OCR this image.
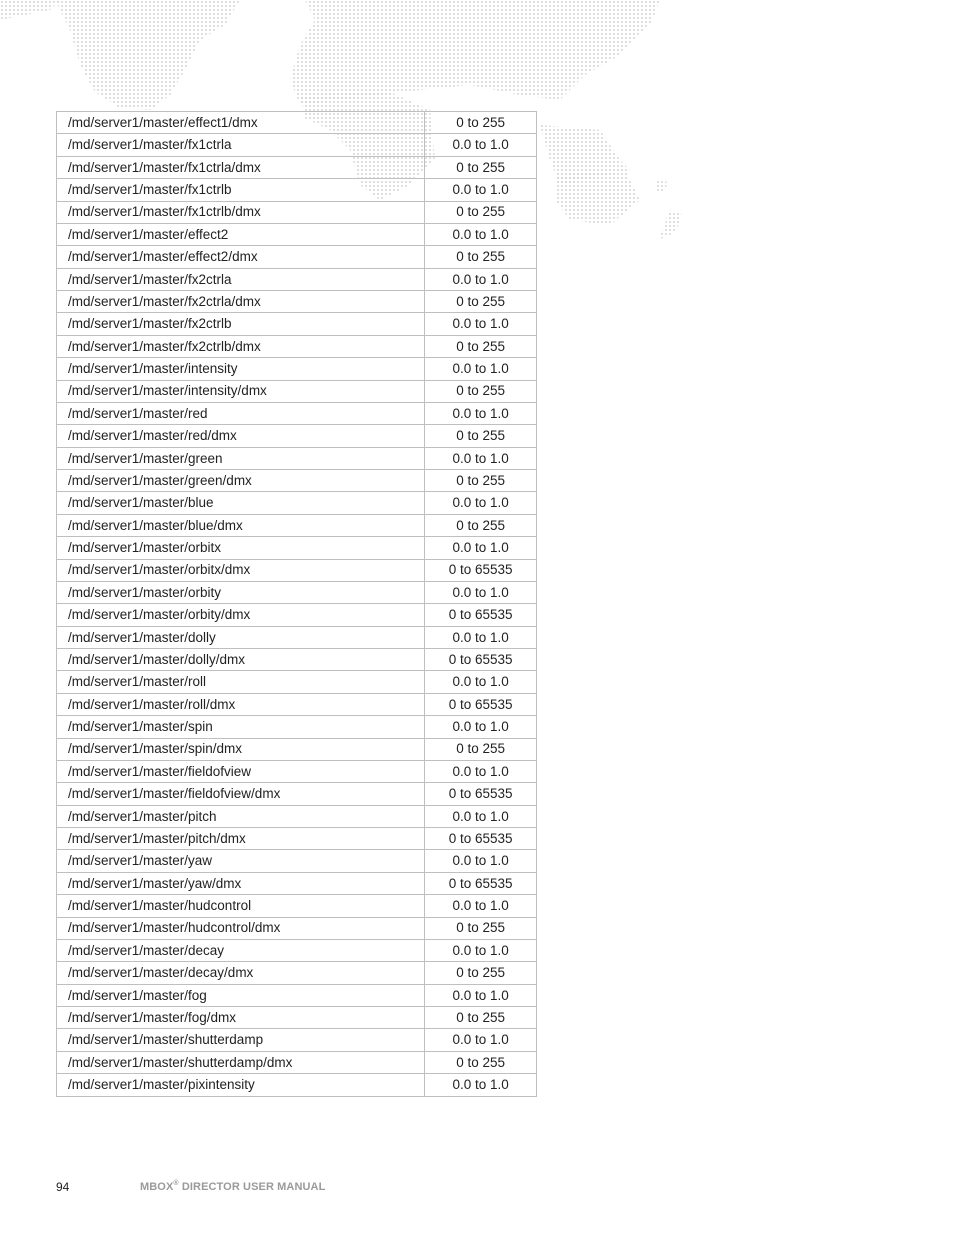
/md/server1/master/effect1/dmx	0 to 255
/md/server1/master/fx1ctrla	0.0 to 1.0
/md/server1/master/fx1ctrla/dmx	0 to 255
/md/server1/master/fx1ctrlb	0.0 to 1.0
/md/server1/master/fx1ctrlb/dmx	0 to 255
/md/server1/master/effect2	0.0 to 1.0
/md/server1/master/effect2/dmx	0 to 255
/md/server1/master/fx2ctrla	0.0 to 1.0
/md/server1/master/fx2ctrla/dmx	0 to 255
/md/server1/master/fx2ctrlb	0.0 to 1.0
/md/server1/master/fx2ctrlb/dmx	0 to 255
/md/server1/master/intensity	0.0 to 1.0
/md/server1/master/intensity/dmx	0 to 255
/md/server1/master/red	0.0 to 1.0
/md/server1/master/red/dmx	0 to 255
/md/server1/master/green	0.0 to 1.0
/md/server1/master/green/dmx	0 to 255
/md/server1/master/blue	0.0 to 1.0
/md/server1/master/blue/dmx	0 to 255
/md/server1/master/orbitx	0.0 to 1.0
/md/server1/master/orbitx/dmx	0 to 65535
/md/server1/master/orbity	0.0 to 1.0
/md/server1/master/orbity/dmx	0 to 65535
/md/server1/master/dolly	0.0 to 1.0
/md/server1/master/dolly/dmx	0 to 65535
/md/server1/master/roll	0.0 to 1.0
/md/server1/master/roll/dmx	0 to 65535
/md/server1/master/spin	0.0 to 1.0
/md/server1/master/spin/dmx	0 to 255
/md/server1/master/fieldofview	0.0 to 1.0
/md/server1/master/fieldofview/dmx	0 to 65535
/md/server1/master/pitch	0.0 to 1.0
/md/server1/master/pitch/dmx	0 to 65535
/md/server1/master/yaw	0.0 to 1.0
/md/server1/master/yaw/dmx	0 to 65535
/md/server1/master/hudcontrol	0.0 to 1.0
/md/server1/master/hudcontrol/dmx	0 to 255
/md/server1/master/decay	0.0 to 1.0
/md/server1/master/decay/dmx	0 to 255
/md/server1/master/fog	0.0 to 1.0
/md/server1/master/fog/dmx	0 to 255
/md/server1/master/shutterdamp	0.0 to 1.0
/md/server1/master/shutterdamp/dmx	0 to 255
/md/server1/master/pixintensity	0.0 to 1.0
94	MBOX® DIRECTOR USER MANUAL
